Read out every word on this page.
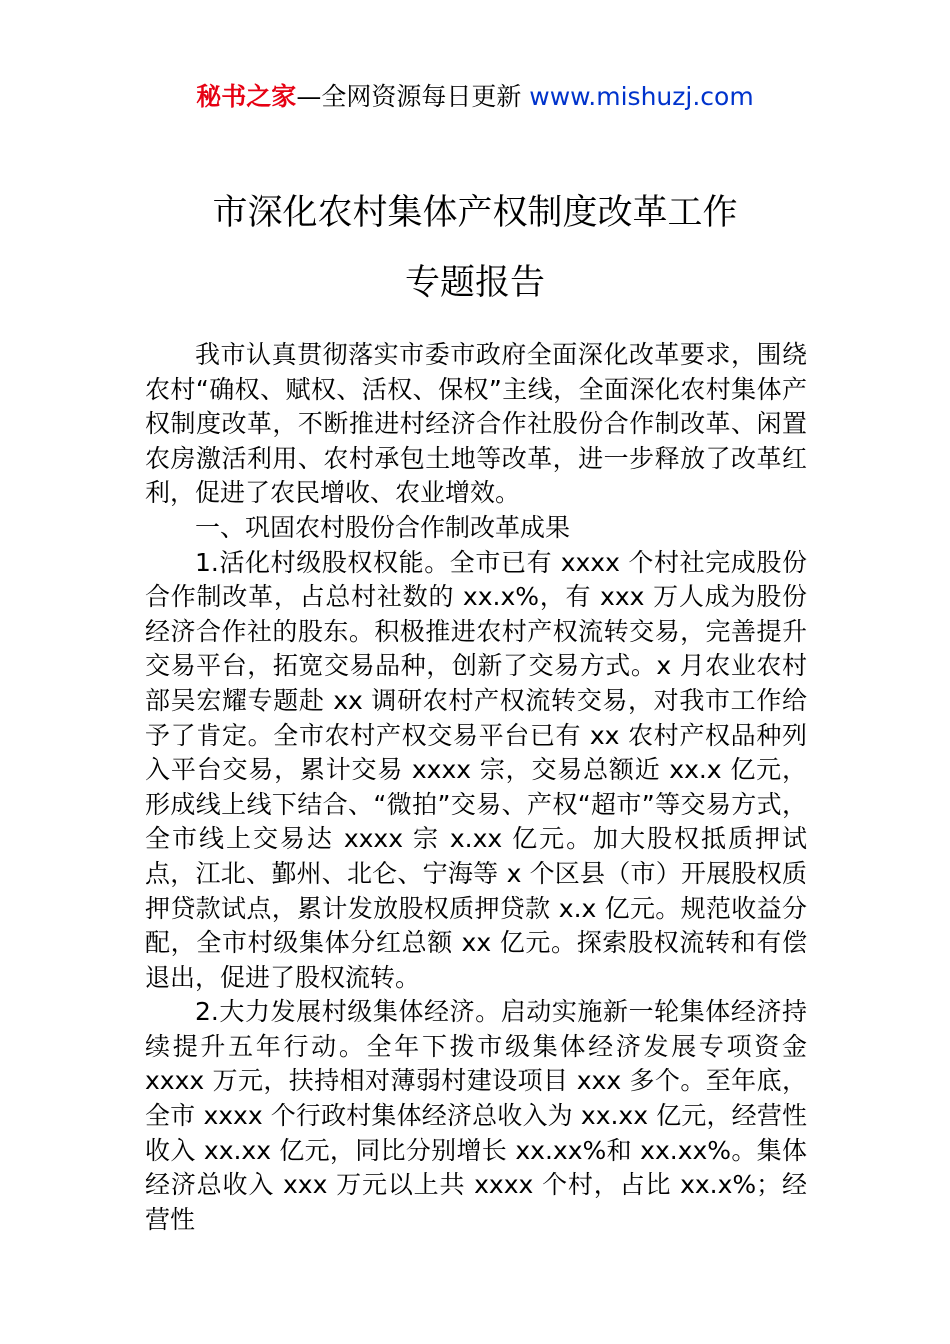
秘书之家—全网资源每日更新 www.mishuzj.com
市深化农村集体产权制度改革工作
专题报告

我市认真贯彻落实市委市政府全面深化改革要求，围绕农村“确权、赋权、活权、保权”主线，全面深化农村集体产权制度改革，不断推进村经济合作社股份合作制改革、闲置农房激活利用、农村承包土地等改革，进一步释放了改革红利，促进了农民增收、农业增效。

一、巩固农村股份合作制改革成果

1.活化村级股权权能。全市已有 xxxx 个村社完成股份合作制改革，占总村社数的 xx.x%，有 xxx 万人成为股份经济合作社的股东。积极推进农村产权流转交易，完善提升交易平台，拓宽交易品种，创新了交易方式。x 月农业农村部吴宏耀专题赴 xx 调研农村产权流转交易，对我市工作给予了肯定。全市农村产权交易平台已有 xx 农村产权品种列入平台交易，累计交易 xxxx 宗，交易总额近 xx.x 亿元，形成线上线下结合、“微拍”交易、产权“超市”等交易方式，全市线上交易达 xxxx 宗 x.xx 亿元。加大股权抵质押试点，江北、鄞州、北仑、宁海等 x 个区县（市）开展股权质押贷款试点，累计发放股权质押贷款 x.x 亿元。规范收益分配，全市村级集体分红总额 xx 亿元。探索股权流转和有偿退出，促进了股权流转。

2.大力发展村级集体经济。启动实施新一轮集体经济持续提升五年行动。全年下拨市级集体经济发展专项资金 xxxx 万元，扶持相对薄弱村建设项目 xxx 多个。至年底，全市 xxxx 个行政村集体经济总收入为 xx.xx 亿元，经营性收入 xx.xx 亿元，同比分别增长 xx.xx%和 xx.xx%。集体经济总收入 xxx 万元以上共 xxxx 个村，占比 xx.x%；经营性
